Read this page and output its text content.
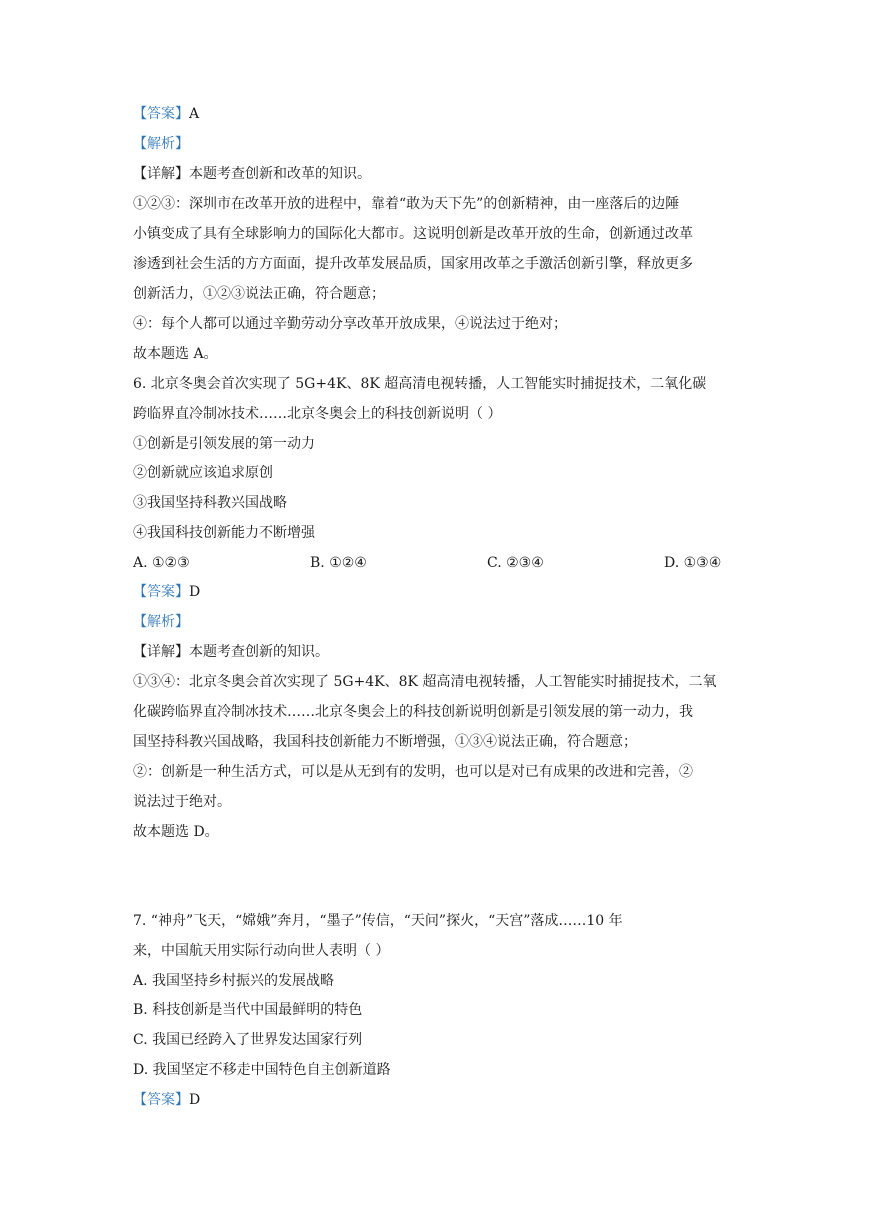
【答案】A
【解析】
【详解】本题考查创新和改革的知识。
①②③：深圳市在改革开放的进程中，靠着“敢为天下先”的创新精神，由一座落后的边陲
小镇变成了具有全球影响力的国际化大都市。这说明创新是改革开放的生命，创新通过改革
渗透到社会生活的方方面面，提升改革发展品质，国家用改革之手激活创新引擎，释放更多
创新活力，①②③说法正确，符合题意；
④：每个人都可以通过辛勤劳动分享改革开放成果，④说法过于绝对；
故本题选 A。
6. 北京冬奥会首次实现了 5G+4K、8K 超高清电视转播，人工智能实时捕捉技术，二氧化碳
跨临界直冷制冰技术……北京冬奥会上的科技创新说明（ ）
①创新是引领发展的第一动力
②创新就应该追求原创
③我国坚持科教兴国战略
④我国科技创新能力不断增强
A. ①②③	B. ①②④	C. ②③④	D. ①③④
【答案】D
【解析】
【详解】本题考查创新的知识。
①③④：北京冬奥会首次实现了 5G+4K、8K 超高清电视转播，人工智能实时捕捉技术，二氧
化碳跨临界直冷制冰技术……北京冬奥会上的科技创新说明创新是引领发展的第一动力，我
国坚持科教兴国战略，我国科技创新能力不断增强，①③④说法正确，符合题意；
②：创新是一种生活方式，可以是从无到有的发明，也可以是对已有成果的改进和完善，②
说法过于绝对。
故本题选 D。
7. “神舟”飞天，“嫦娥”奔月，“墨子”传信，“天问”探火，“天宫”落成……10 年
来，中国航天用实际行动向世人表明（ ）
A. 我国坚持乡村振兴的发展战略
B. 科技创新是当代中国最鲜明的特色
C. 我国已经跨入了世界发达国家行列
D. 我国坚定不移走中国特色自主创新道路
【答案】D
